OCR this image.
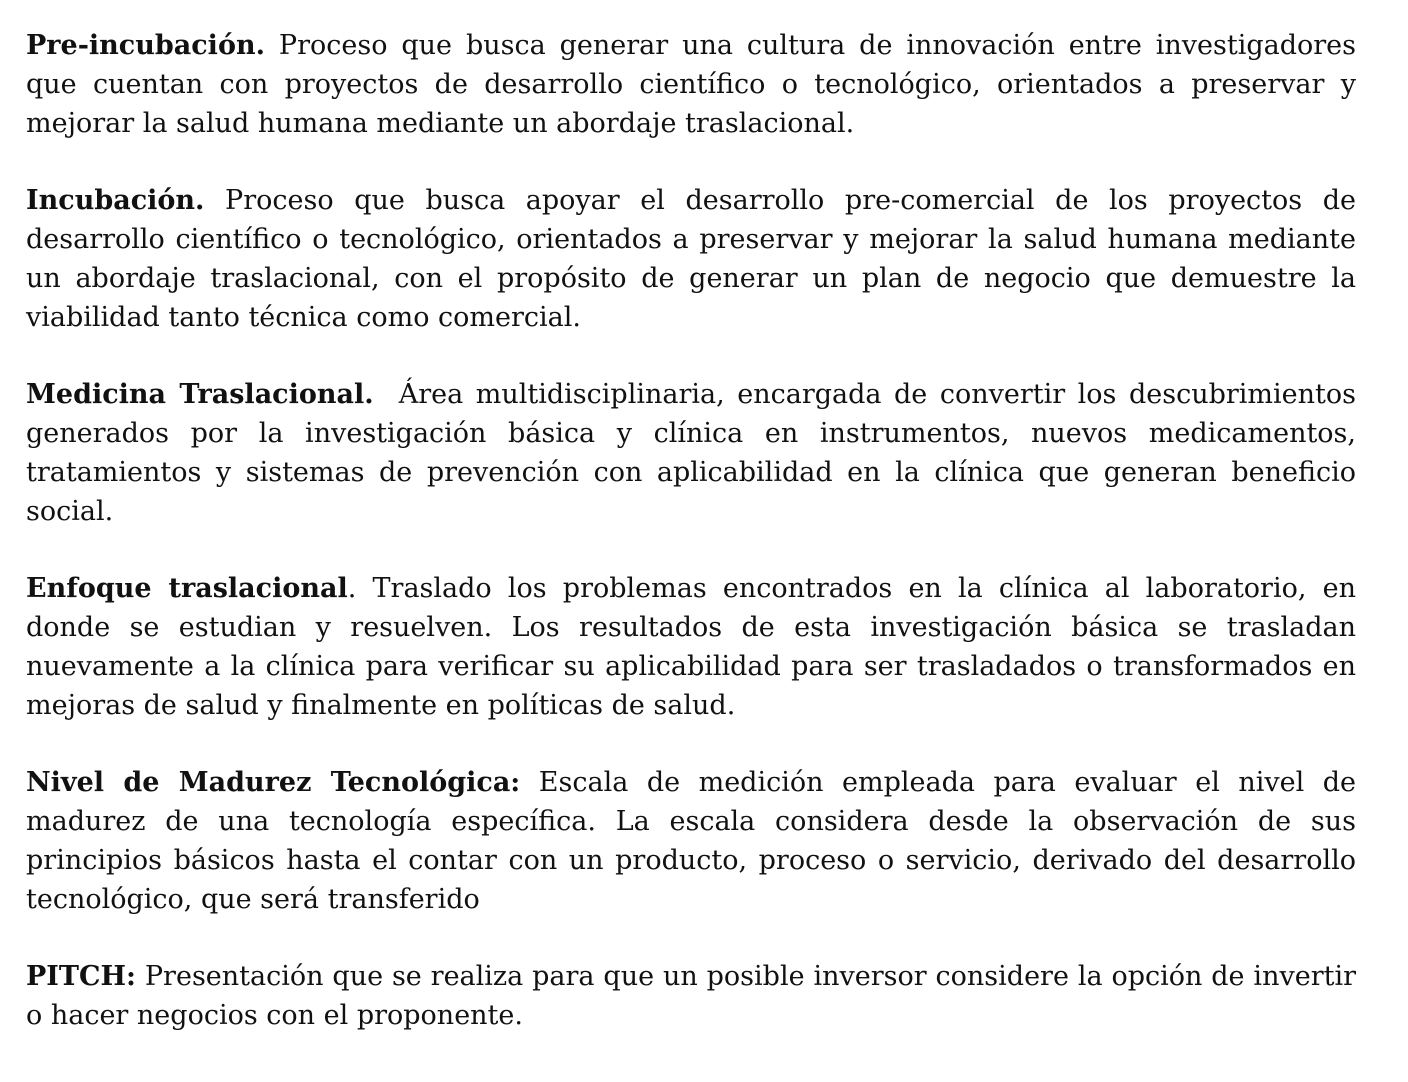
Pre-incubación. Proceso que busca generar una cultura de innovación entre investigadores que cuentan con proyectos de desarrollo científico o tecnológico, orientados a preservar y mejorar la salud humana mediante un abordaje traslacional.

Incubación. Proceso que busca apoyar el desarrollo pre-comercial de los proyectos de desarrollo científico o tecnológico, orientados a preservar y mejorar la salud humana mediante un abordaje traslacional, con el propósito de generar un plan de negocio que demuestre la viabilidad tanto técnica como comercial.

Medicina Traslacional.  Área multidisciplinaria, encargada de convertir los descubrimientos generados por la investigación básica y clínica en instrumentos, nuevos medicamentos, tratamientos y sistemas de prevención con aplicabilidad en la clínica que generan beneficio social.

Enfoque traslacional. Traslado los problemas encontrados en la clínica al laboratorio, en donde se estudian y resuelven. Los resultados de esta investigación básica se trasladan nuevamente a la clínica para verificar su aplicabilidad para ser trasladados o transformados en mejoras de salud y finalmente en políticas de salud.

Nivel de Madurez Tecnológica: Escala de medición empleada para evaluar el nivel de madurez de una tecnología específica. La escala considera desde la observación de sus principios básicos hasta el contar con un producto, proceso o servicio, derivado del desarrollo tecnológico, que será transferido

PITCH: Presentación que se realiza para que un posible inversor considere la opción de invertir o hacer negocios con el proponente.
